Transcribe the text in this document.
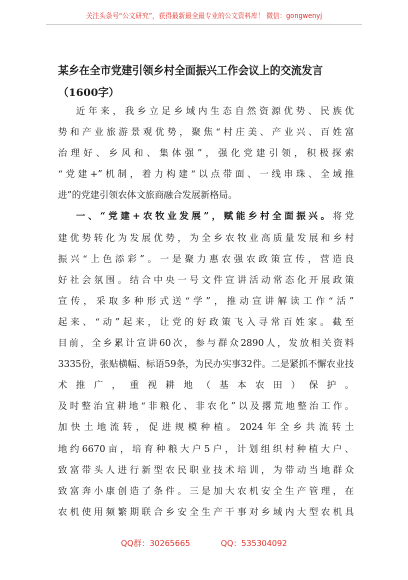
关注头条号“公文研究”，获得最新最全最专业的公文资料库！ 微信：gongwenyj
某乡在全市党建引领乡村全面振兴工作会议上的交流发言
（1600字）
近年来，我乡立足乡域内生态自然资源优势、民族优
势和产业旅游景观优势，聚焦“村庄美、产业兴、百姓富
治理好、乡风和、集体强”，强化党建引领，积极探索
“党建+”机制，着力构建“以点带面、一线串珠、全域推
进”的党建引领农体文旅商融合发展新格局。
一、“党建+农牧业发展”，赋能乡村全面振兴。将党
建优势转化为发展优势，为全乡农牧业高质量发展和乡村
振兴“上色添彩”。一是聚力惠农强农政策宣传，营造良
好社会氛围。结合中央一号文件宣讲活动常态化开展政策
宣传，采取多种形式送“学”，推动宣讲解读工作“活”
起来、“动”起来，让党的好政策飞入寻常百姓家。截至
目前，全乡累计宣讲60次，参与群众2890人，发放相关资料
3335份，张贴横幅、标语59条，为民办实事32件。二是紧抓不懈农业技术推广，重视耕地（基本农田）保护。
及时整治宜耕地“非粮化、非农化”以及撂荒地整治工作。
加快土地流转，促进规模种植。2024年全乡共流转土
地约6670亩，培育种粮大户5户，计划组织村种植大户、
致富带头人进行新型农民职业技术培训，为带动当地群众
致富奔小康创造了条件。三是加大农机安全生产管理，在
农机使用频繁期联合乡安全生产干事对乡域内大型农机具
QQ群：30265665	QQ：535304092
